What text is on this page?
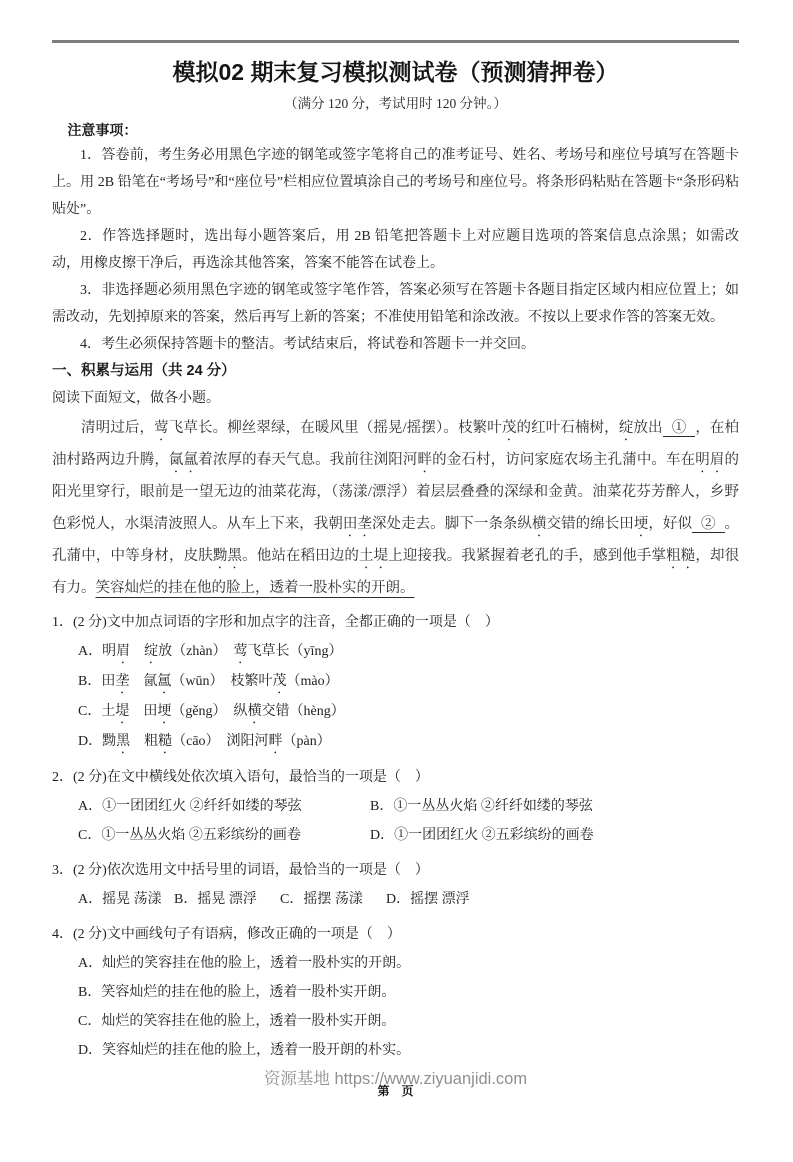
模拟02 期末复习模拟测试卷（预测猜押卷）
（满分 120 分，考试用时 120 分钟。）
注意事项：

1．答卷前，考生务必用黑色字迹的钢笔或签字笔将自己的准考证号、姓名、考场号和座位号填写在答题卡上。用 2B 铅笔在“考场号”和“座位号”栏相应位置填涂自己的考场号和座位号。将条形码粘贴在答题卡“条形码粘贴处”。

2．作答选择题时，选出每小题答案后，用 2B 铅笔把答题卡上对应题目选项的答案信息点涂黑；如需改动，用橡皮擦干净后，再选涂其他答案，答案不能答在试卷上。

3．非选择题必须用黑色字迹的钢笔或签字笔作答，答案必须写在答题卡各题目指定区域内相应位置上；如需改动，先划掉原来的答案，然后再写上新的答案；不准使用铅笔和涂改液。不按以上要求作答的答案无效。

4．考生必须保持答题卡的整洁。考试结束后，将试卷和答题卡一并交回。

一、积累与运用（共 24 分）
阅读下面短文，做各小题。

清明过后，莺飞草长。柳丝翠绿，在暖风里（摇晃/摇摆）。枝繁叶茂的红叶石楠树，绽放出 ① ，在柏油村路两边升腾，氤氲着浓厚的春天气息。我前往浏阳河畔的金石村，访问家庭农场主孔蒲中。车在明眉的阳光里穿行，眼前是一望无边的油菜花海，（荡漾/漂浮）着层层叠叠的深绿和金黄。油菜花芬芳醉人，乡野色彩悦人，水渠清波照人。从车上下来，我朝田垄深处走去。脚下一条条纵横交错的绵长田埂，好似 ② 。孔蒲中，中等身材，皮肤黝黑。他站在稻田边的土堤上迎接我。我紧握着老孔的手，感到他手掌粗糙，却很有力。笑容灿烂的挂在他的脸上，透着一股朴实的开朗。

1．(2 分)文中加点词语的字形和加点字的注音，全都正确的一项是（　）
A．明眉　 绽放（zhàn）　莺飞草长（yīng）
B．田垄　氤氲（wūn）　枝繁叶茂（mào）
C．土堤　田埂（gěng）　纵横交错（hèng）
D．黝黑　粗糙（cāo）　浏阳河畔（pàn）
2．(2 分)在文中横线处依次填入语句，最恰当的一项是（　）
A．①一团团红火 ②纤纤如缕的琴弦	B．①一丛丛火焰 ②纤纤如缕的琴弦
C．①一丛丛火焰 ②五彩缤纷的画卷	D．①一团团红火 ②五彩缤纷的画卷
3．(2 分)依次选用文中括号里的词语，最恰当的一项是（　）
A．摇晃 荡漾 B．摇晃 漂浮	C．摇摆 荡漾	D．摇摆 漂浮
4．(2 分)文中画线句子有语病，修改正确的一项是（　）
A．灿烂的笑容挂在他的脸上，透着一股朴实的开朗。
B．笑容灿烂的挂在他的脸上，透着一股朴实开朗。
C．灿烂的笑容挂在他的脸上，透着一股朴实开朗。
D．笑容灿烂的挂在他的脸上，透着一股开朗的朴实。
资源基地 https://www.ziyuanjidi.com
第　页
